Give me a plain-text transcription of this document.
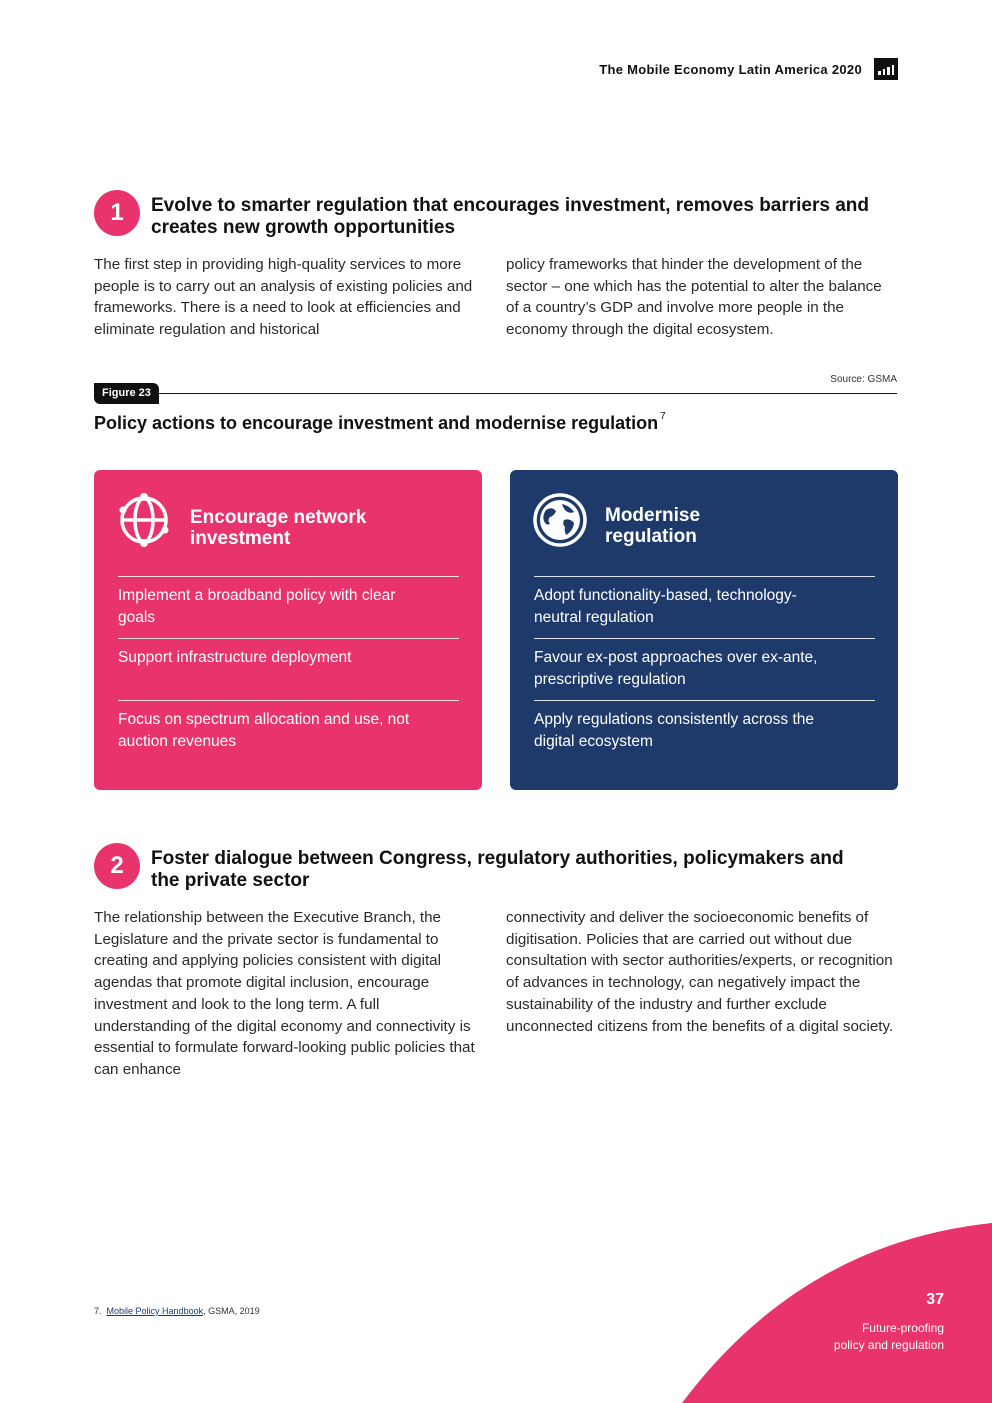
The Mobile Economy Latin America 2020
1	Evolve to smarter regulation that encourages investment, removes barriers and creates new growth opportunities
The first step in providing high-quality services to more people is to carry out an analysis of existing policies and frameworks. There is a need to look at efficiencies and eliminate regulation and historical
policy frameworks that hinder the development of the sector – one which has the potential to alter the balance of a country’s GDP and involve more people in the economy through the digital ecosystem.
Figure 23
Source: GSMA
Policy actions to encourage investment and modernise regulation $^7$
Encourage network investment
Implement a broadband policy with clear goals
Support infrastructure deployment
Focus on spectrum allocation and use, not auction revenues
Modernise regulation
Adopt functionality-based, technology-neutral regulation
Favour ex-post approaches over ex-ante, prescriptive regulation
Apply regulations consistently across the digital ecosystem
2	Foster dialogue between Congress, regulatory authorities, policymakers and the private sector
The relationship between the Executive Branch, the Legislature and the private sector is fundamental to creating and applying policies consistent with digital agendas that promote digital inclusion, encourage investment and look to the long term. A full understanding of the digital economy and connectivity is essential to formulate forward-looking public policies that can enhance
connectivity and deliver the socioeconomic benefits of digitisation. Policies that are carried out without due consultation with sector authorities/experts, or recognition of advances in technology, can negatively impact the sustainability of the industry and further exclude unconnected citizens from the benefits of a digital society.
7. Mobile Policy Handbook, GSMA, 2019
37
Future-proofing
policy and regulation
